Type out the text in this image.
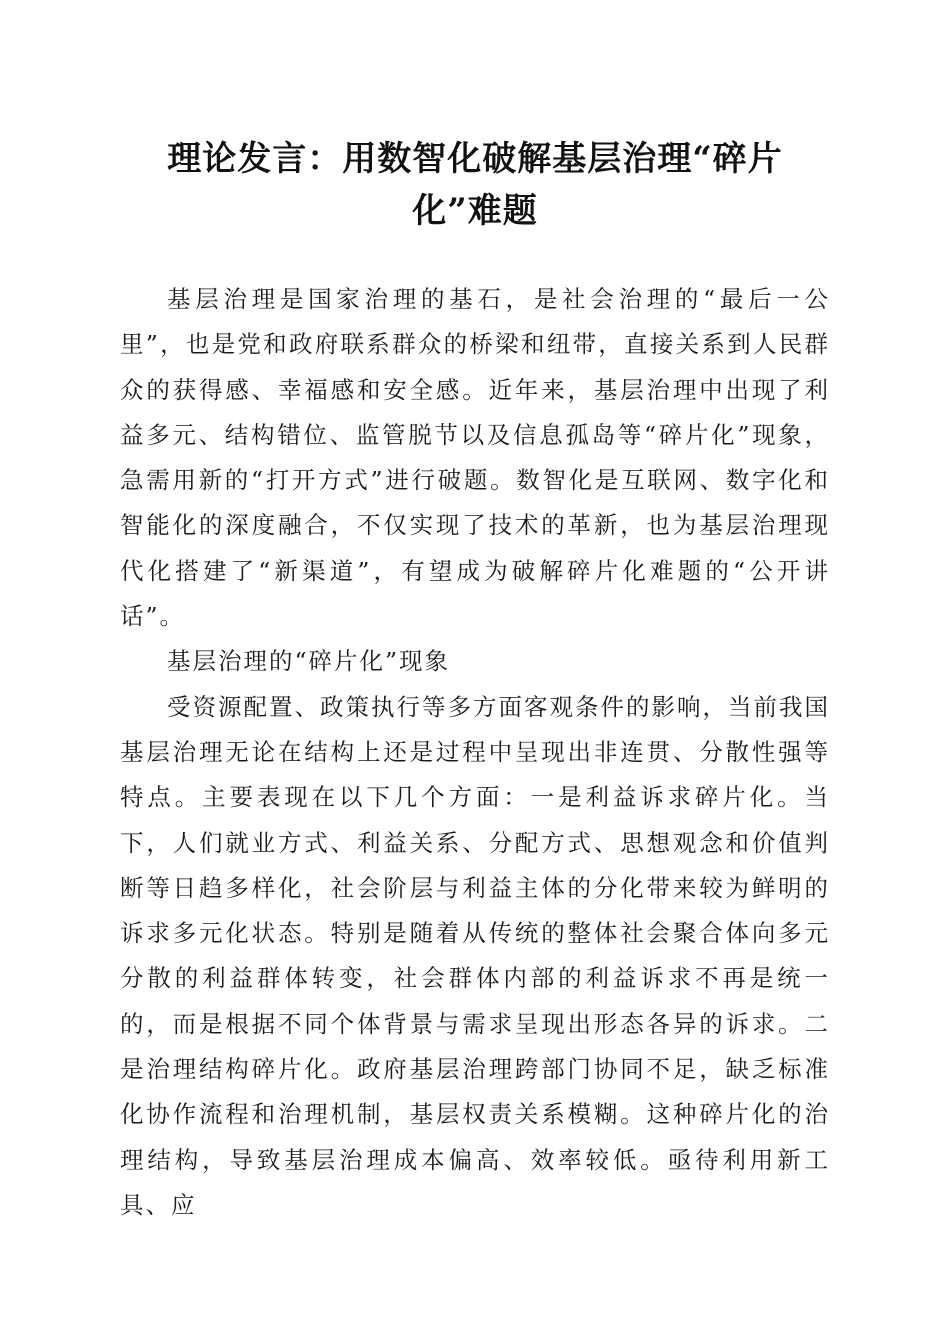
理论发言：用数智化破解基层治理“碎片
化”难题

基层治理是国家治理的基石，是社会治理的“最后一公里”，也是党和政府联系群众的桥梁和纽带，直接关系到人民群众的获得感、幸福感和安全感。近年来，基层治理中出现了利益多元、结构错位、监管脱节以及信息孤岛等“碎片化”现象，急需用新的“打开方式”进行破题。数智化是互联网、数字化和智能化的深度融合，不仅实现了技术的革新，也为基层治理现代化搭建了“新渠道”，有望成为破解碎片化难题的“公开讲话”。

基层治理的“碎片化”现象

受资源配置、政策执行等多方面客观条件的影响，当前我国基层治理无论在结构上还是过程中呈现出非连贯、分散性强等特点。主要表现在以下几个方面：一是利益诉求碎片化。当下，人们就业方式、利益关系、分配方式、思想观念和价值判断等日趋多样化，社会阶层与利益主体的分化带来较为鲜明的诉求多元化状态。特别是随着从传统的整体社会聚合体向多元分散的利益群体转变，社会群体内部的利益诉求不再是统一的，而是根据不同个体背景与需求呈现出形态各异的诉求。二是治理结构碎片化。政府基层治理跨部门协同不足，缺乏标准化协作流程和治理机制，基层权责关系模糊。这种碎片化的治理结构，导致基层治理成本偏高、效率较低。亟待利用新工具、应
